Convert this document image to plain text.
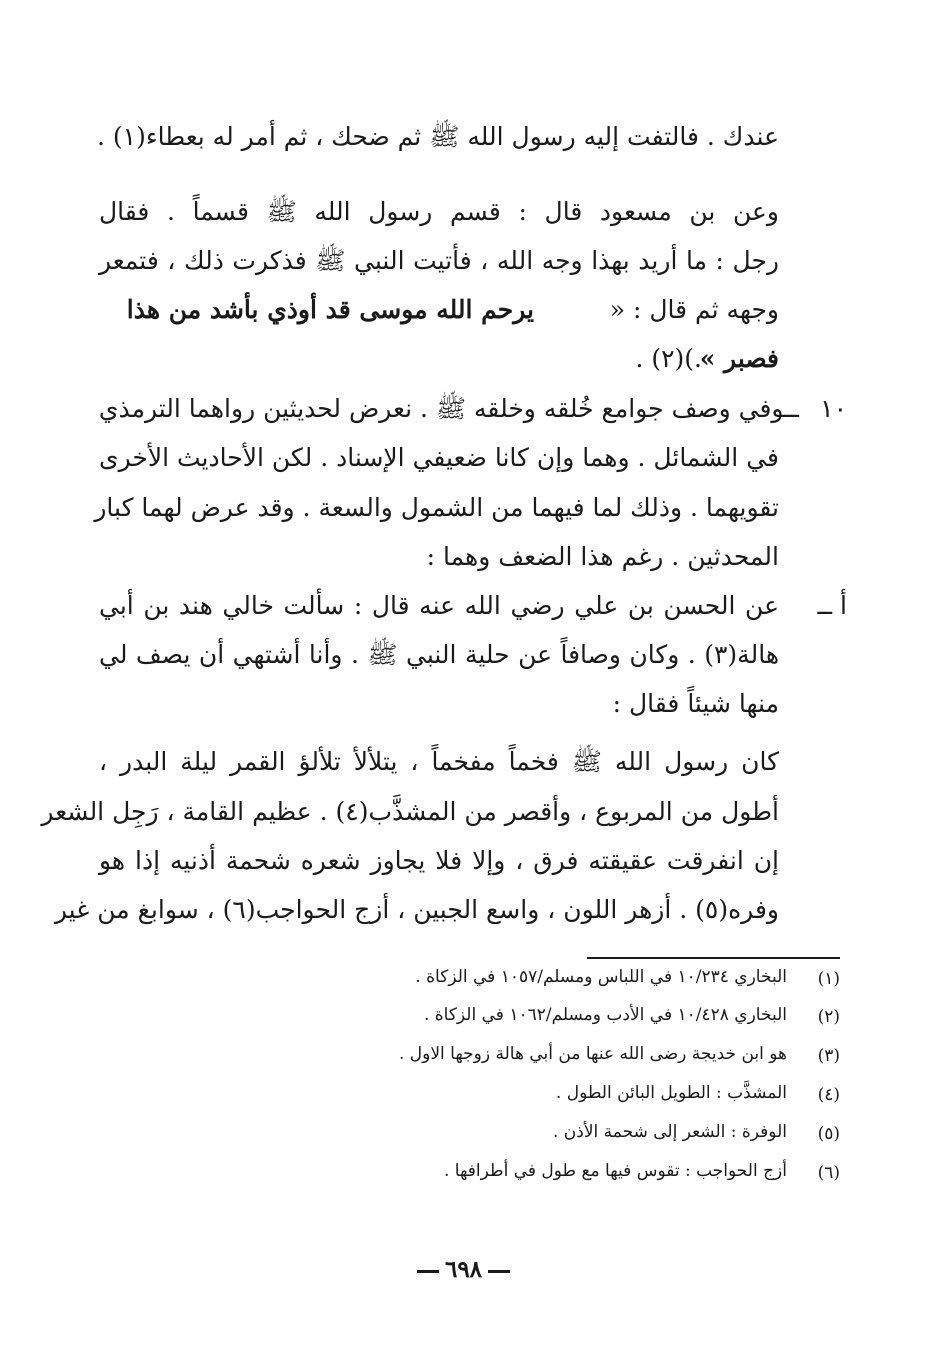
عندك . فالتفت إليه رسول الله ﷺ ثم ضحك ، ثم أمر له بعطاء(١) .
وعن بن مسعود قال : قسم رسول الله ﷺ قسماً . فقال
رجل : ما أريد بهذا وجه الله ، فأتيت النبي ﷺ فذكرت ذلك ، فتمعر
وجهه ثم قال : «
يرحم الله موسى قد أوذي بأشد من هذا
فصبر »
.)(٢) .
١٠
ــوفي وصف جوامع خُلقه وخلقه ﷺ . نعرض لحديثين رواهما الترمذي
في الشمائل . وهما وإن كانا ضعيفي الإسناد . لكن الأحاديث الأخرى
تقويهما . وذلك لما فيهما من الشمول والسعة . وقد عرض لهما كبار
المحدثين . رغم هذا الضعف وهما :
أ ــ
عن الحسن بن علي رضي الله عنه قال : سألت خالي هند بن أبي
هالة(٣) . وكان وصافاً عن حلية النبي ﷺ . وأنا أشتهي أن يصف لي
منها شيئاً فقال :
كان رسول الله ﷺ فخماً مفخماً ، يتلألأ تلألؤ القمر ليلة البدر ،
أطول من المربوع ، وأقصر من المشذَّب(٤) . عظيم القامة ، رَجِل الشعر
إن انفرقت عقيقته فرق ، وإلا فلا يجاوز شعره شحمة أذنيه إذا هو
وفره(٥) . أزهر اللون ، واسع الجبين ، أزج الحواجب(٦) ، سوابغ من غير
(١)
البخاري ١٠/٢٣٤ في اللباس ومسلم/١٠٥٧ في الزكاة .
(٢)
البخاري ١٠/٤٢٨ في الأدب ومسلم/١٠٦٢ في الزكاة .
(٣)
هو ابن خديجة رضى الله عنها من أبي هالة زوجها الاول .
(٤)
المشذَّب : الطويل البائن الطول .
(٥)
الوفرة : الشعر إلى شحمة الأذن .
(٦)
أزج الحواجب : تقوس فيها مع طول في أطرافها .
٦٩٨
